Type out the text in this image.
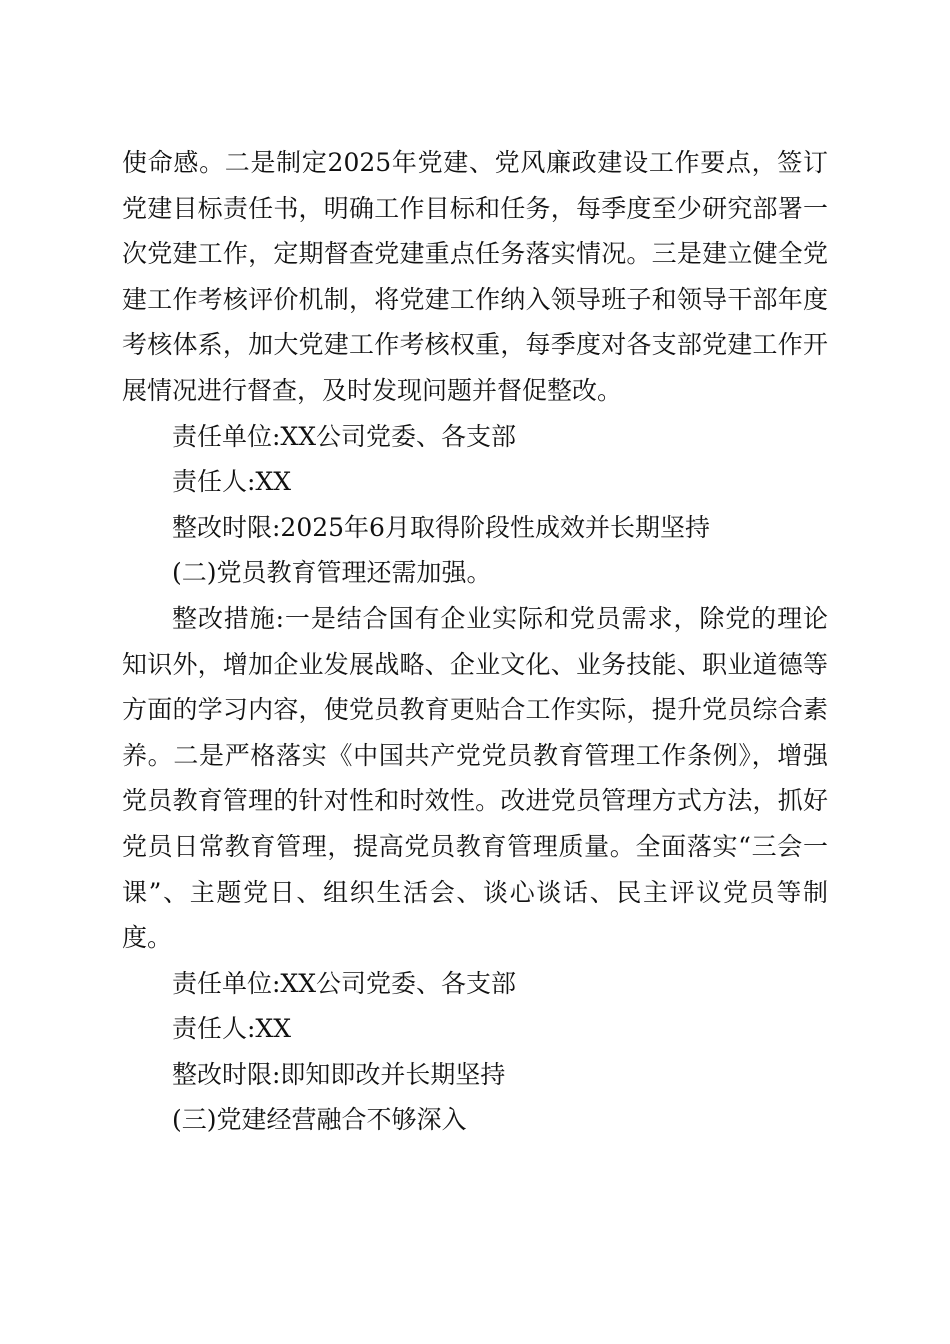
使命感。二是制定2025年党建、党风廉政建设工作要点，签订
党建目标责任书，明确工作目标和任务，每季度至少研究部署一
次党建工作，定期督查党建重点任务落实情况。三是建立健全党
建工作考核评价机制，将党建工作纳入领导班子和领导干部年度
考核体系，加大党建工作考核权重，每季度对各支部党建工作开
展情况进行督查，及时发现问题并督促整改。
责任单位:XX公司党委、各支部
责任人:XX
整改时限:2025年6月取得阶段性成效并长期坚持
(二)党员教育管理还需加强。
整改措施:一是结合国有企业实际和党员需求，除党的理论
知识外，增加企业发展战略、企业文化、业务技能、职业道德等
方面的学习内容，使党员教育更贴合工作实际，提升党员综合素
养。二是严格落实《中国共产党党员教育管理工作条例》，增强
党员教育管理的针对性和时效性。改进党员管理方式方法，抓好
党员日常教育管理，提高党员教育管理质量。全面落实“三会一
课”、主题党日、组织生活会、谈心谈话、民主评议党员等制
度。
责任单位:XX公司党委、各支部
责任人:XX
整改时限:即知即改并长期坚持
(三)党建经营融合不够深入
